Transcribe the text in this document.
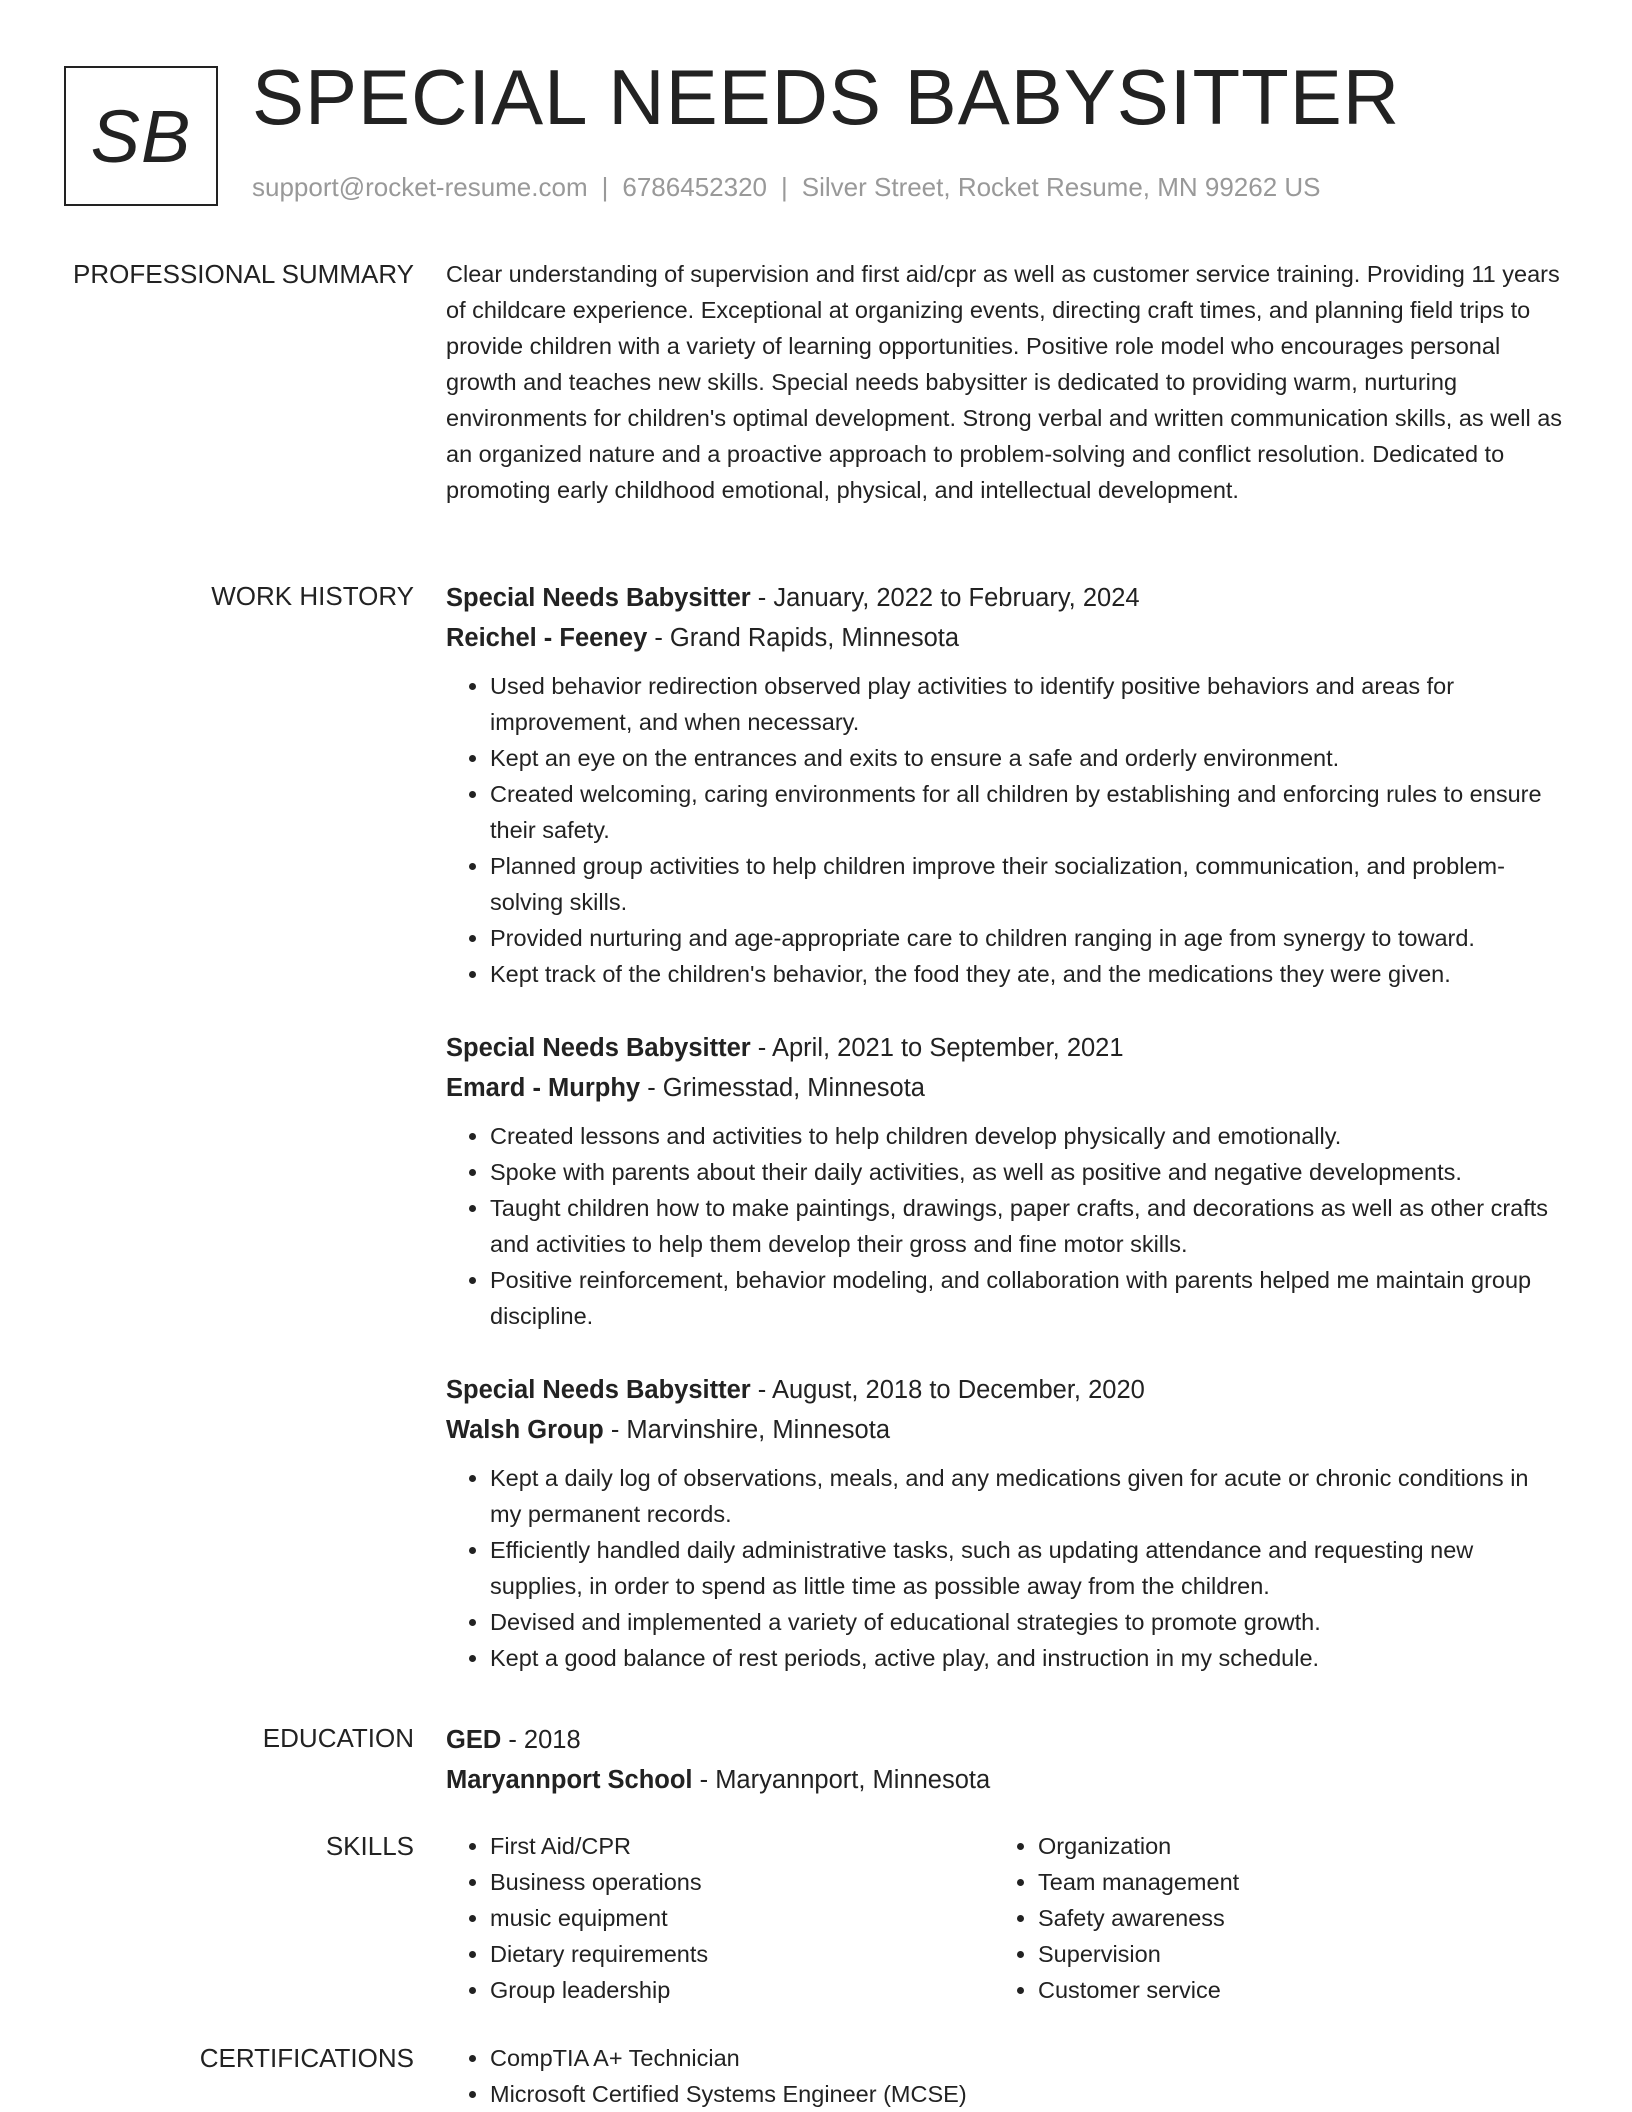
SB SPECIAL NEEDS BABYSITTER
support@rocket-resume.com | 6786452320 | Silver Street, Rocket Resume, MN 99262 US
PROFESSIONAL SUMMARY Clear understanding of supervision and first aid/cpr as well as customer service training. Providing 11 years of childcare experience. Exceptional at organizing events, directing craft times, and planning field trips to provide children with a variety of learning opportunities. Positive role model who encourages personal growth and teaches new skills. Special needs babysitter is dedicated to providing warm, nurturing environments for children's optimal development. Strong verbal and written communication skills, as well as an organized nature and a proactive approach to problem-solving and conflict resolution. Dedicated to promoting early childhood emotional, physical, and intellectual development.

WORK HISTORY Special Needs Babysitter - January, 2022 to February, 2024
Reichel - Feeney - Grand Rapids, Minnesota
• Used behavior redirection observed play activities to identify positive behaviors and areas for improvement, and when necessary.
• Kept an eye on the entrances and exits to ensure a safe and orderly environment.
• Created welcoming, caring environments for all children by establishing and enforcing rules to ensure their safety.
• Planned group activities to help children improve their socialization, communication, and problem-solving skills.
• Provided nurturing and age-appropriate care to children ranging in age from synergy to toward.
• Kept track of the children's behavior, the food they ate, and the medications they were given.
Special Needs Babysitter - April, 2021 to September, 2021
Emard - Murphy - Grimesstad, Minnesota
• Created lessons and activities to help children develop physically and emotionally.
• Spoke with parents about their daily activities, as well as positive and negative developments.
• Taught children how to make paintings, drawings, paper crafts, and decorations as well as other crafts and activities to help them develop their gross and fine motor skills.
• Positive reinforcement, behavior modeling, and collaboration with parents helped me maintain group discipline.
Special Needs Babysitter - August, 2018 to December, 2020
Walsh Group - Marvinshire, Minnesota
• Kept a daily log of observations, meals, and any medications given for acute or chronic conditions in my permanent records.
• Efficiently handled daily administrative tasks, such as updating attendance and requesting new supplies, in order to spend as little time as possible away from the children.
• Devised and implemented a variety of educational strategies to promote growth.
• Kept a good balance of rest periods, active play, and instruction in my schedule.
EDUCATION GED - 2018
Maryannport School - Maryannport, Minnesota
SKILLS	• First Aid/CPR
• Business operations
• music equipment
• Dietary requirements
• Group leadership
• Organization
• Team management
• Safety awareness
• Supervision
• Customer service
CERTIFICATIONS	• CompTIA A+ Technician
• Microsoft Certified Systems Engineer (MCSE)
